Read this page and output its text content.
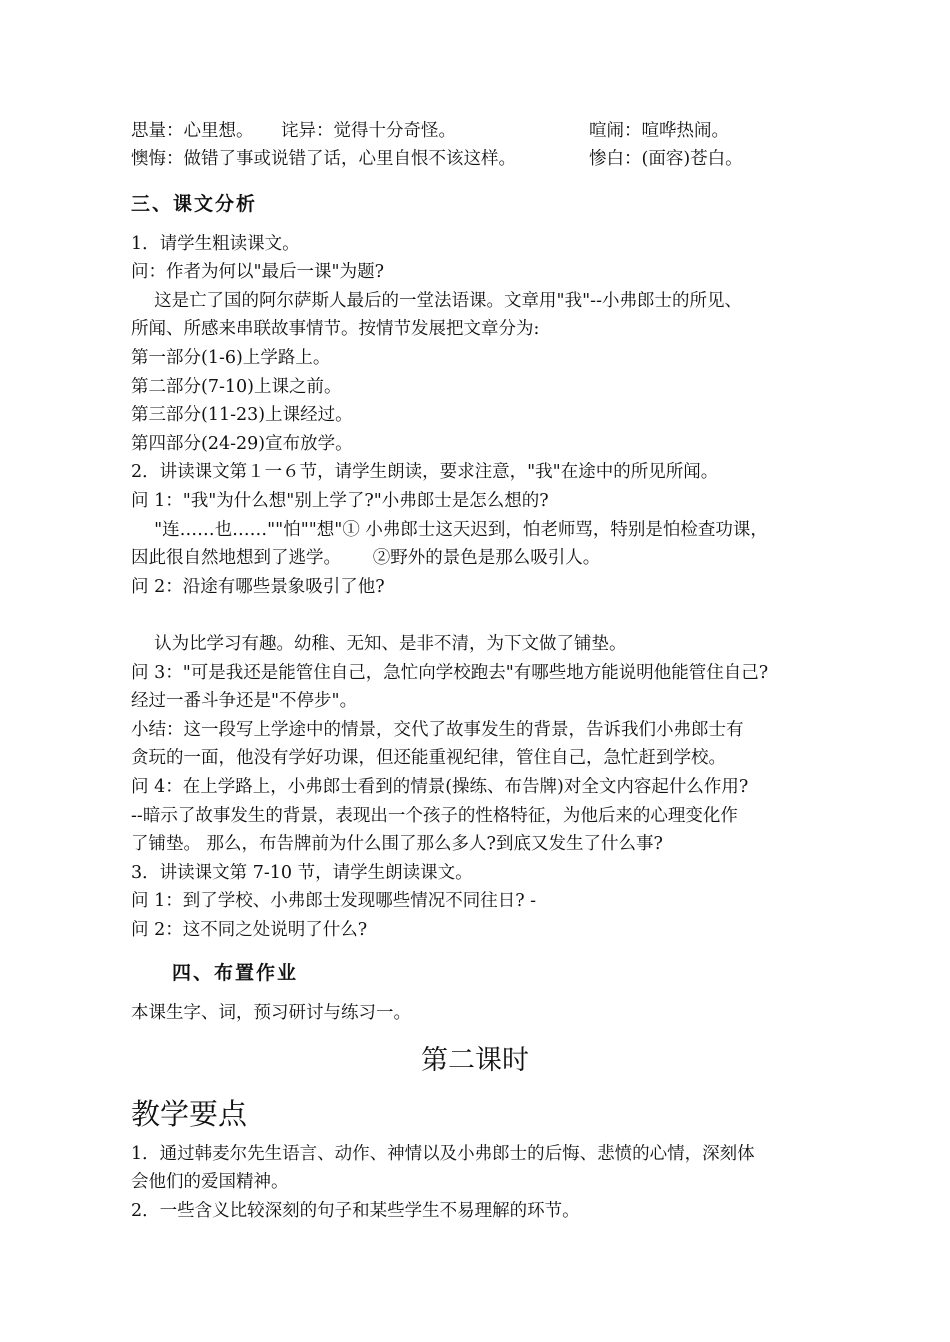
思量：心里想。 诧异：觉得十分奇怪。	喧闹：喧哗热闹。
懊悔：做错了事或说错了话，心里自恨不该这样。	惨白：(面容)苍白。
三、课文分析
1．请学生粗读课文。
问：作者为何以"最后一课"为题?
　 这是亡了国的阿尔萨斯人最后的一堂法语课。文章用"我"--小弗郎士的所见、
所闻、所感来串联故事情节。按情节发展把文章分为:
第一部分(1-6)上学路上。
第二部分(7-10)上课之前。
第三部分(11-23)上课经过。
第四部分(24-29)宣布放学。
2．讲读课文第１一６节，请学生朗读，要求注意，"我"在途中的所见所闻。
问 1："我"为什么想"别上学了?"小弗郎士是怎么想的?
　 "连……也……""怕""想"① 小弗郎士这天迟到，怕老师骂，特别是怕检查功课，
因此很自然地想到了逃学。　　 ②野外的景色是那么吸引人。
问 2：沿途有哪些景象吸引了他?
　 认为比学习有趣。幼稚、无知、是非不清，为下文做了铺垫。
问 3："可是我还是能管住自己，急忙向学校跑去"有哪些地方能说明他能管住自己?
经过一番斗争还是"不停步"。
小结：这一段写上学途中的情景，交代了故事发生的背景，告诉我们小弗郎士有
贪玩的一面，他没有学好功课，但还能重视纪律，管住自己，急忙赶到学校。
问 4：在上学路上，小弗郎士看到的情景(操练、布告牌)对全文内容起什么作用?
--暗示了故事发生的背景，表现出一个孩子的性格特征，为他后来的心理变化作
了铺垫。 那么，布告牌前为什么围了那么多人?到底又发生了什么事?
3．讲读课文第 7-10 节，请学生朗读课文。
问 1：到了学校、小弗郎士发现哪些情况不同往日? -
问 2：这不同之处说明了什么?
四、布置作业
本课生字、词，预习研讨与练习一。
第二课时
教学要点
1．通过韩麦尔先生语言、动作、神情以及小弗郎士的后悔、悲愤的心情，深刻体
会他们的爱国精神。
2．一些含义比较深刻的句子和某些学生不易理解的环节。
